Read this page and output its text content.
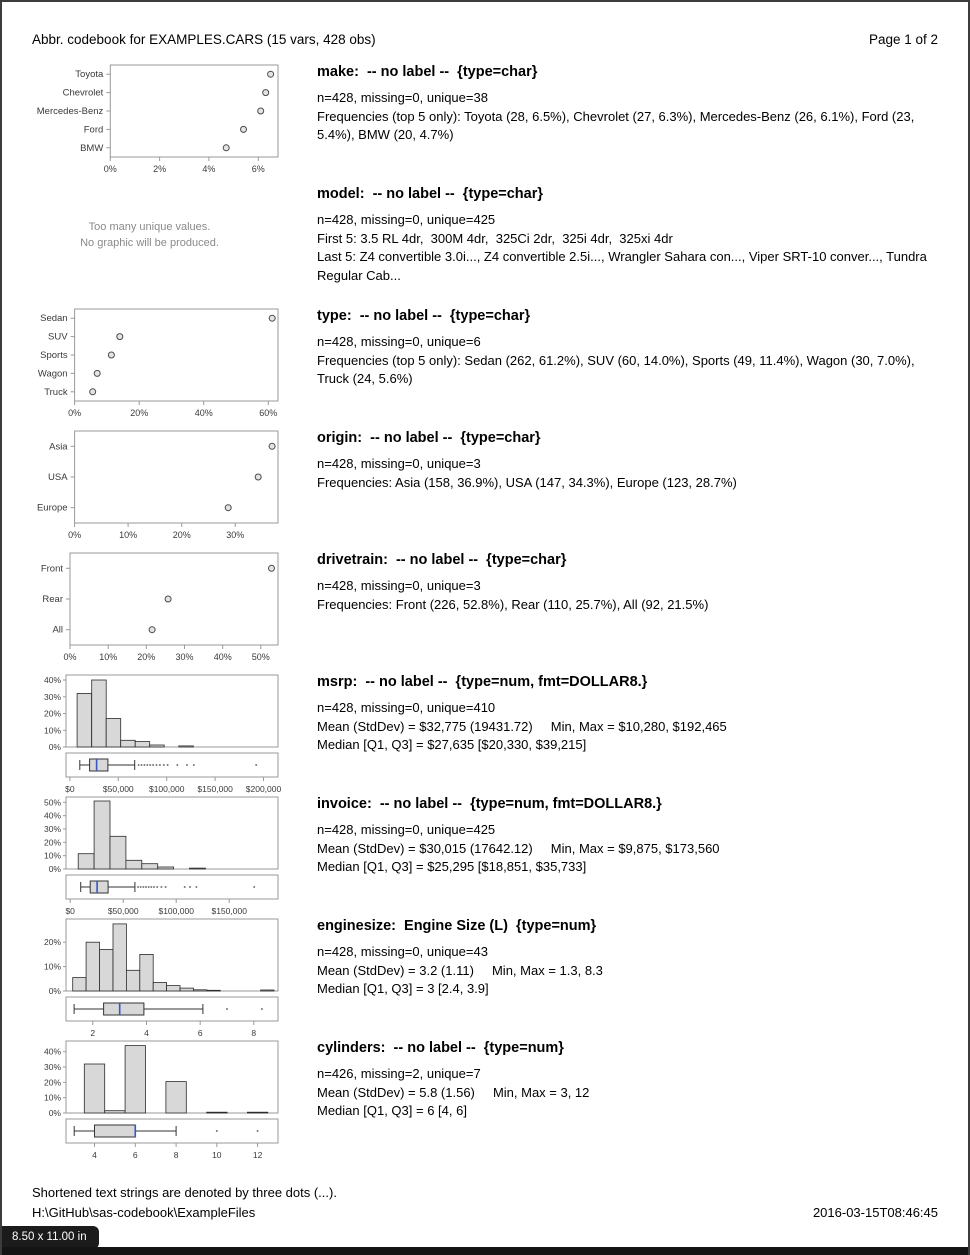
Abbr. codebook for EXAMPLES.CARS (15 vars, 428 obs)	Page 1 of 2
Toyota
Chevrolet
Mercedes-Benz
Ford
BMW
0%	2%	4%	6%
make:  -- no label --  {type=char}
n=428, missing=0, unique=38
Frequencies (top 5 only): Toyota (28, 6.5%), Chevrolet (27, 6.3%), Mercedes-Benz (26, 6.1%), Ford (23, 5.4%), BMW (20, 4.7%)
Too many unique values.
No graphic will be produced.
model:  -- no label --  {type=char}
n=428, missing=0, unique=425
First 5: 3.5 RL 4dr,  300M 4dr,  325Ci 2dr,  325i 4dr,  325xi 4dr
Last 5: Z4 convertible 3.0i..., Z4 convertible 2.5i..., Wrangler Sahara con..., Viper SRT-10 conver..., Tundra Regular Cab...
Sedan
SUV
Sports
Wagon
Truck
0%	20%	40%	60%
type:  -- no label --  {type=char}
n=428, missing=0, unique=6
Frequencies (top 5 only): Sedan (262, 61.2%), SUV (60, 14.0%), Sports (49, 11.4%), Wagon (30, 7.0%), Truck (24, 5.6%)
Asia
USA
Europe
0%	10%	20%	30%
origin:  -- no label --  {type=char}
n=428, missing=0, unique=3
Frequencies: Asia (158, 36.9%), USA (147, 34.3%), Europe (123, 28.7%)
Front
Rear
All
0%	10% 20% 30% 40% 50%
drivetrain:  -- no label --  {type=char}
n=428, missing=0, unique=3
Frequencies: Front (226, 52.8%), Rear (110, 25.7%), All (92, 21.5%)
0%
10%
20%
30%
40%
$0	$50,000 $100,000 $150,000 $200,000
msrp:  -- no label --  {type=num, fmt=DOLLAR8.}
n=428, missing=0, unique=410
Mean (StdDev) = $32,775 (19431.72)     Min, Max = $10,280, $192,465
Median [Q1, Q3] = $27,635 [$20,330, $39,215]
0%
10%
20%
30%
40%
50%
$0	$50,000 $100,000 $150,000
invoice:  -- no label --  {type=num, fmt=DOLLAR8.}
n=428, missing=0, unique=425
Mean (StdDev) = $30,015 (17642.12)     Min, Max = $9,875, $173,560
Median [Q1, Q3] = $25,295 [$18,851, $35,733]
0%
10%
20%
2	4	6	8
enginesize:  Engine Size (L)  {type=num}
n=428, missing=0, unique=43
Mean (StdDev) = 3.2 (1.11)     Min, Max = 1.3, 8.3
Median [Q1, Q3] = 3 [2.4, 3.9]
0%
10%
20%
30%
40%
4	6	8	10	12
cylinders:  -- no label --  {type=num}
n=426, missing=2, unique=7
Mean (StdDev) = 5.8 (1.56)     Min, Max = 3, 12
Median [Q1, Q3] = 6 [4, 6]
Shortened text strings are denoted by three dots (...).
H:\GitHub\sas-codebook\ExampleFiles	2016-03-15T08:46:45
8.50 x 11.00 in
